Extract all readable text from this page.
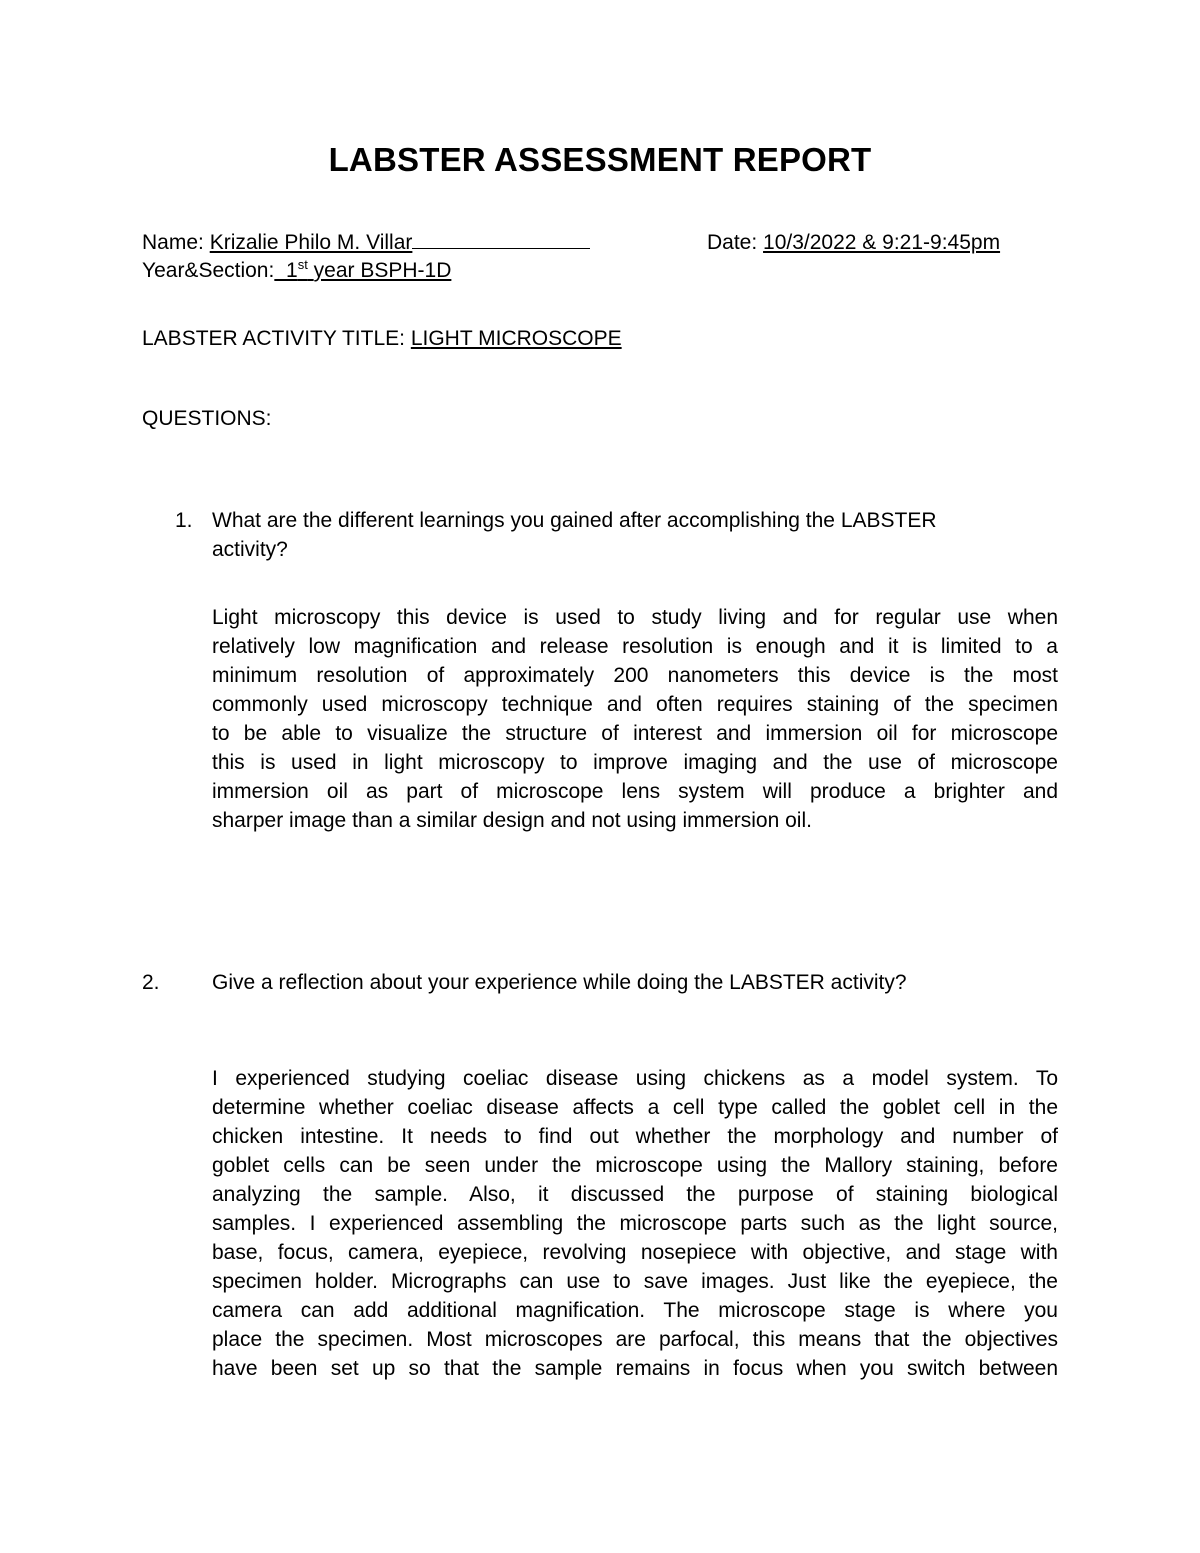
LABSTER ASSESSMENT REPORT
Name: Krizalie Philo M. Villar	Date: 10/3/2022 & 9:21-9:45pm
Year&Section: 1st year BSPH-1D
LABSTER ACTIVITY TITLE: LIGHT MICROSCOPE
QUESTIONS:
1. What are the different learnings you gained after accomplishing the LABSTER
activity?
Light microscopy this device is used to study living and for regular use when
relatively low magnification and release resolution is enough and it is limited to a
minimum resolution of approximately 200 nanometers this device is the most
commonly used microscopy technique and often requires staining of the specimen
to be able to visualize the structure of interest and immersion oil for microscope
this is used in light microscopy to improve imaging and the use of microscope
immersion oil as part of microscope lens system will produce a brighter and
sharper image than a similar design and not using immersion oil.
2. Give a reflection about your experience while doing the LABSTER activity?
I experienced studying coeliac disease using chickens as a model system. To
determine whether coeliac disease affects a cell type called the goblet cell in the
chicken intestine. It needs to find out whether the morphology and number of
goblet cells can be seen under the microscope using the Mallory staining, before
analyzing the sample. Also, it discussed the purpose of staining biological
samples. I experienced assembling the microscope parts such as the light source,
base, focus, camera, eyepiece, revolving nosepiece with objective, and stage with
specimen holder. Micrographs can use to save images. Just like the eyepiece, the
camera can add additional magnification. The microscope stage is where you
place the specimen. Most microscopes are parfocal, this means that the objectives
have been set up so that the sample remains in focus when you switch between
